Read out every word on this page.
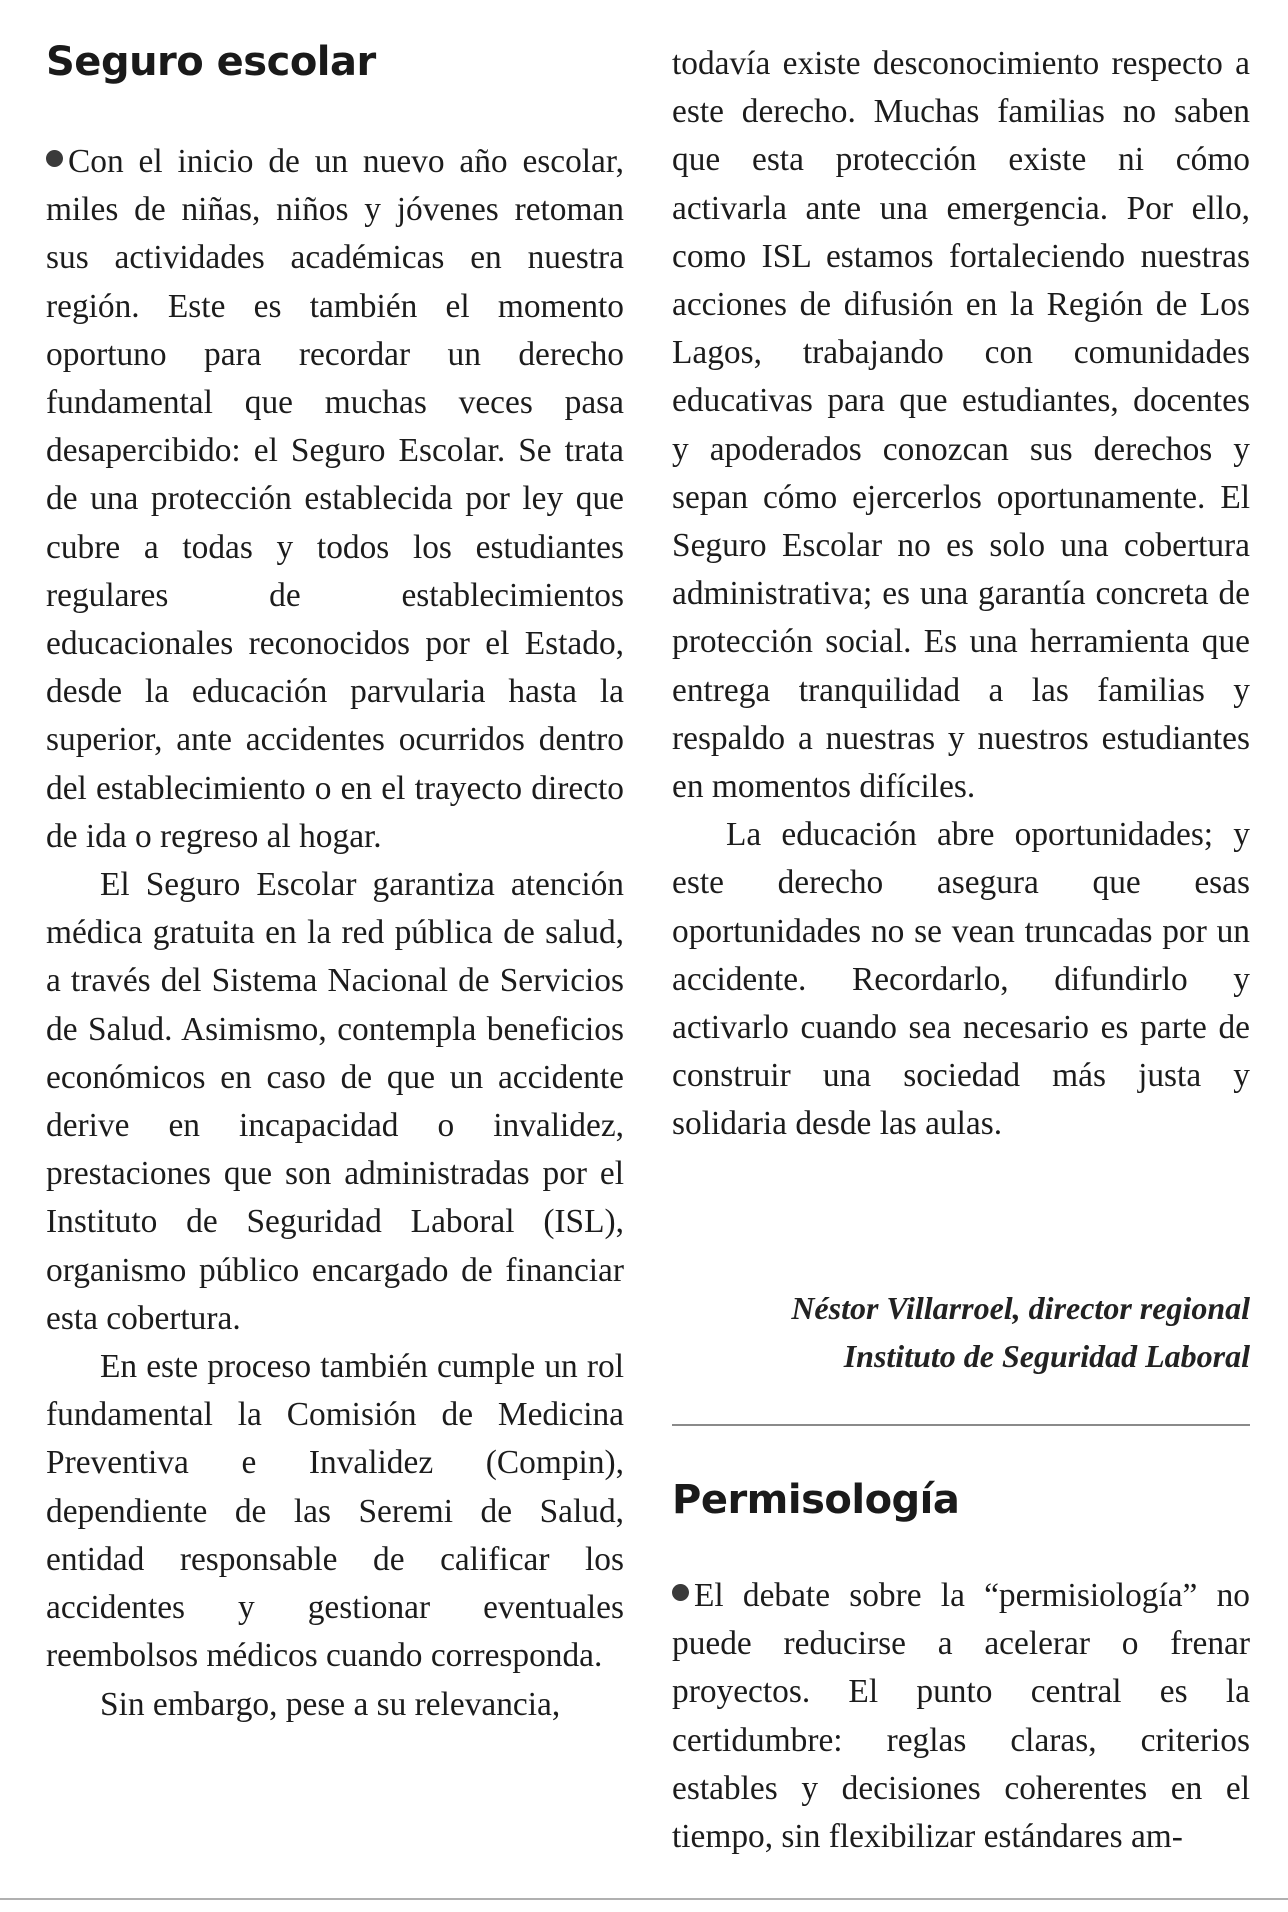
Seguro escolar

Con el inicio de un nuevo año escolar, miles de niñas, niños y jóvenes retoman sus actividades académicas en nuestra región. Este es también el momento oportuno para recordar un derecho fundamental que muchas veces pasa desapercibido: el Seguro Escolar. Se trata de una protección establecida por ley que cubre a todas y todos los estudiantes regulares de establecimientos educacionales reconocidos por el Estado, desde la educación parvularia hasta la superior, ante accidentes ocurridos dentro del establecimiento o en el trayecto directo de ida o regreso al hogar.

El Seguro Escolar garantiza atención médica gratuita en la red pública de salud, a través del Sistema Nacional de Servicios de Salud. Asimismo, contempla beneficios económicos en caso de que un accidente derive en incapacidad o invalidez, prestaciones que son administradas por el Instituto de Seguridad Laboral (ISL), organismo público encargado de financiar esta cobertura.

En este proceso también cumple un rol fundamental la Comisión de Medicina Preventiva e Invalidez (Compin), dependiente de las Seremi de Salud, entidad responsable de calificar los accidentes y gestionar eventuales reembolsos médicos cuando corresponda.

Sin embargo, pese a su relevancia,

todavía existe desconocimiento respecto a este derecho. Muchas familias no saben que esta protección existe ni cómo activarla ante una emergencia. Por ello, como ISL estamos fortaleciendo nuestras acciones de difusión en la Región de Los Lagos, trabajando con comunidades educativas para que estudiantes, docentes y apoderados conozcan sus derechos y sepan cómo ejercerlos oportunamente. El Seguro Escolar no es solo una cobertura administrativa; es una garantía concreta de protección social. Es una herramienta que entrega tranquilidad a las familias y respaldo a nuestras y nuestros estudiantes en momentos difíciles.

La educación abre oportunidades; y este derecho asegura que esas oportunidades no se vean truncadas por un accidente. Recordarlo, difundirlo y activarlo cuando sea necesario es parte de construir una sociedad más justa y solidaria desde las aulas.

Néstor Villarroel, director regional
Instituto de Seguridad Laboral
Permisología

El debate sobre la “permisiología” no puede reducirse a acelerar o frenar proyectos. El punto central es la certidumbre: reglas claras, criterios estables y decisiones coherentes en el tiempo, sin flexibilizar estándares am-
